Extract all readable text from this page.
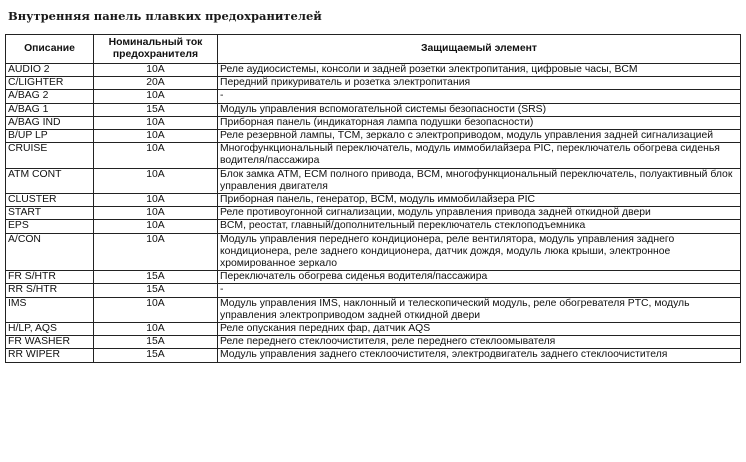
Внутренняя панель плавких предохранителей
Описание	Номинальный ток предохранителя	Защищаемый элемент
AUDIO 2	10A	Реле аудиосистемы, консоли и задней розетки электропитания, цифровые часы, BCM
C/LIGHTER	20A	Передний прикуриватель и розетка электропитания
A/BAG 2	10A	-
A/BAG 1	15A	Модуль управления вспомогательной системы безопасности (SRS)
A/BAG IND	10A	Приборная панель (индикаторная лампа подушки безопасности)
B/UP LP	10A	Реле резервной лампы, TCM, зеркало с электроприводом, модуль управления задней сигнализацией
CRUISE	10A	Многофункциональный переключатель, модуль иммобилайзера PIC, переключатель обогрева сиденья водителя/пассажира
ATM CONT	10A	Блок замка ATM, ECM полного привода, BCM, многофункциональный переключатель, полуактивный блок управления двигателя
CLUSTER	10A	Приборная панель, генератор, BCM, модуль иммобилайзера PIC
START	10A	Реле противоугонной сигнализации, модуль управления привода задней откидной двери
EPS	10A	BCM, реостат, главный/дополнительный переключатель стеклоподъемника
A/CON	10A	Модуль управления переднего кондиционера, реле вентилятора, модуль управления заднего кондиционера, реле заднего кондиционера, датчик дождя, модуль люка крыши, электронное хромированное зеркало
FR S/HTR	15A	Переключатель обогрева сиденья водителя/пассажира
RR S/HTR	15A	-
IMS	10A	Модуль управления IMS, наклонный и телескопический модуль, реле обогревателя PTC, модуль управления электроприводом задней откидной двери
H/LP, AQS	10A	Реле опускания передних фар, датчик AQS
FR WASHER	15A	Реле переднего стеклоочистителя, реле переднего стеклоомывателя
RR WIPER	15A	Модуль управления заднего стеклоочистителя, электродвигатель заднего стеклоочистителя
